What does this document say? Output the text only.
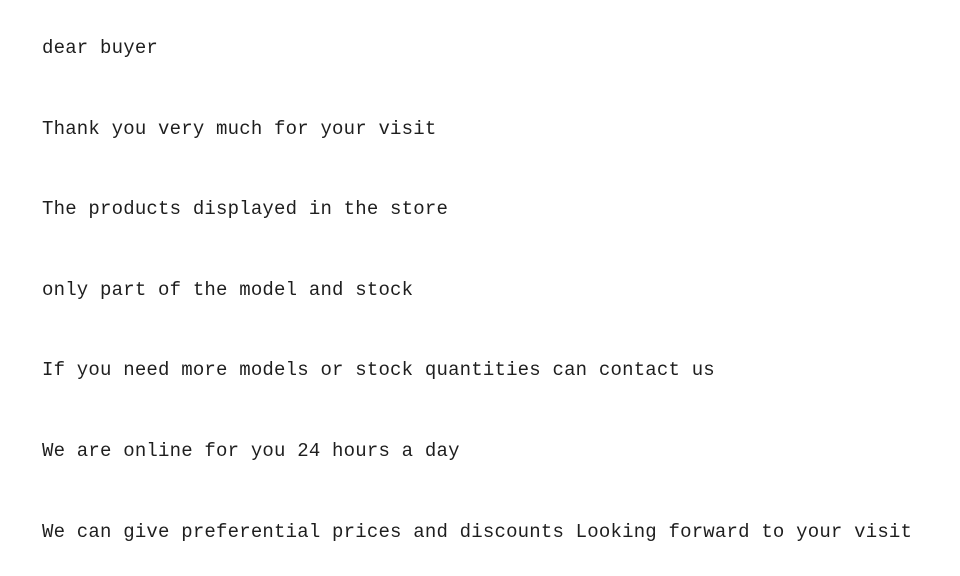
dear buyer
Thank you very much for your visit
The products displayed in the store
only part of the model and stock
If you need more models or stock quantities can contact us
We are online for you 24 hours a day
We can give preferential prices and discounts Looking forward to your visit
